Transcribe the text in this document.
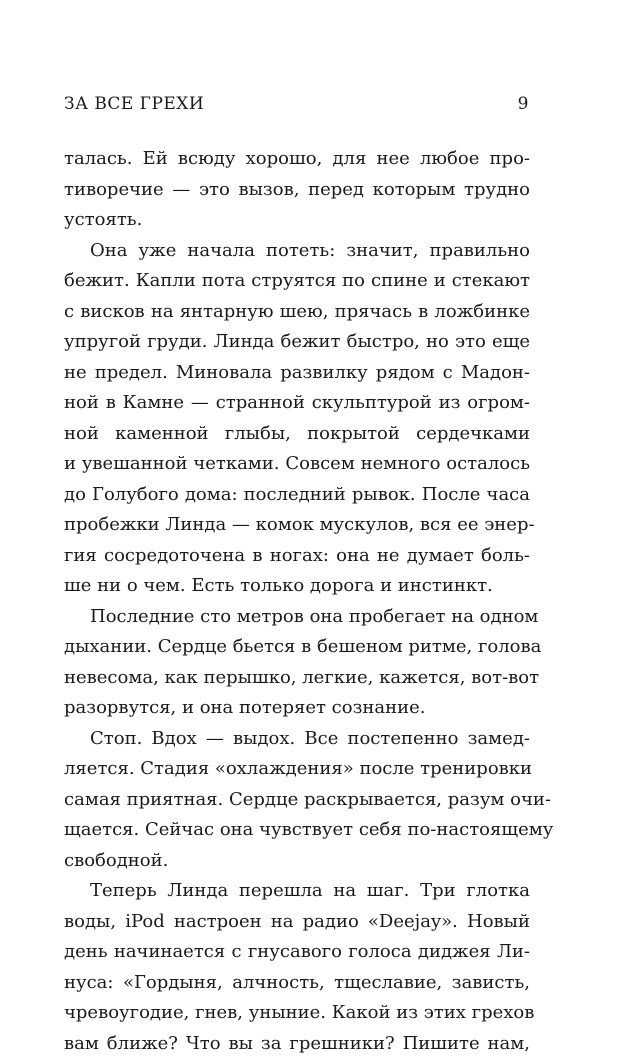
ЗА ВСЕ ГРЕХИ	9
талась. Ей всюду хорошо, для нее любое про-
тиворечие — это вызов, перед которым трудно
устоять.
Она уже начала потеть: значит, правильно
бежит. Капли пота струятся по спине и стекают
с висков на янтарную шею, прячась в ложбинке
упругой груди. Линда бежит быстро, но это еще
не предел. Миновала развилку рядом с Мадон-
ной в Камне — странной скульптурой из огром-
ной каменной глыбы, покрытой сердечками
и увешанной четками. Совсем немного осталось
до Голубого дома: последний рывок. После часа
пробежки Линда — комок мускулов, вся ее энер-
гия сосредоточена в ногах: она не думает боль-
ше ни о чем. Есть только дорога и инстинкт.
Последние сто метров она пробегает на одном
дыхании. Сердце бьется в бешеном ритме, голова
невесома, как перышко, легкие, кажется, вот-вот
разорвутся, и она потеряет сознание.
Стоп. Вдох — выдох. Все постепенно замед-
ляется. Стадия «охлаждения» после тренировки
самая приятная. Сердце раскрывается, разум очи-
щается. Сейчас она чувствует себя по-настоящему
свободной.
Теперь Линда перешла на шаг. Три глотка
воды, iPod настроен на радио «Deejay». Новый
день начинается с гнусавого голоса диджея Ли-
нуса: «Гордыня, алчность, тщеславие, зависть,
чревоугодие, гнев, уныние. Какой из этих грехов
вам ближе? Что вы за грешники? Пишите нам,
